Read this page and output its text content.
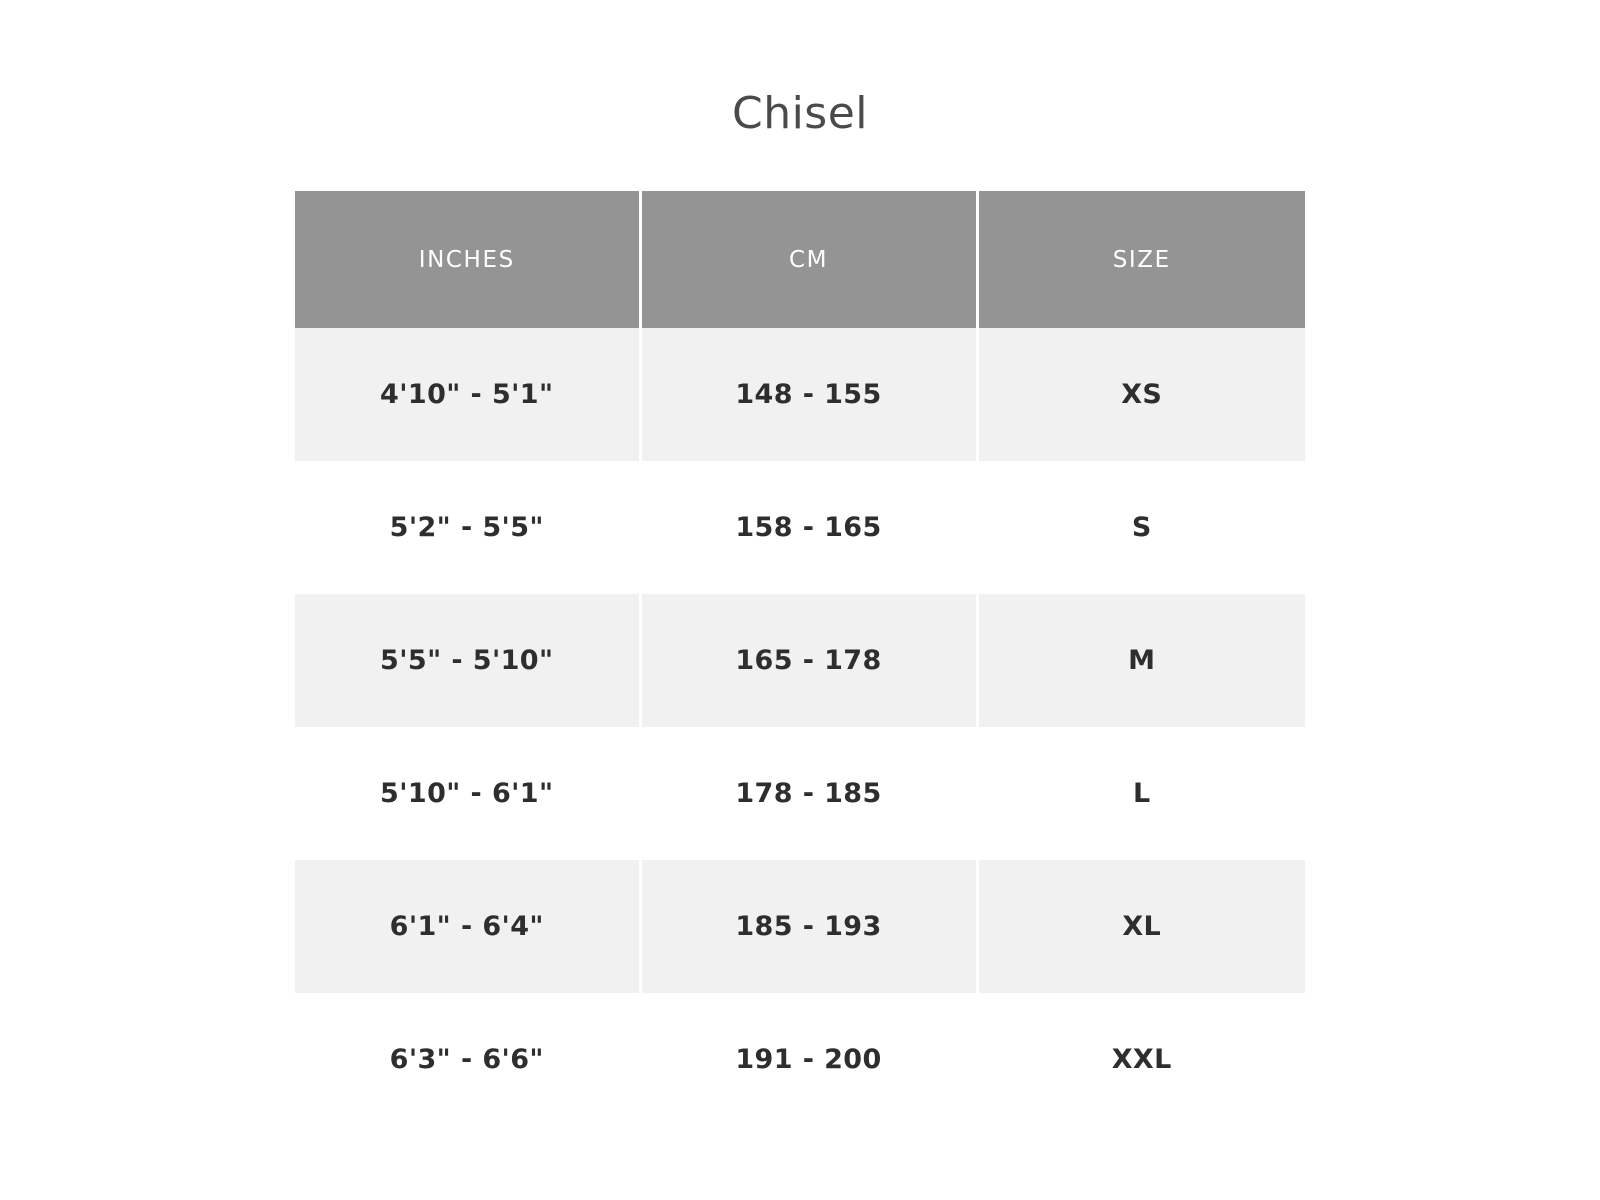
Chisel
INCHES	CM	SIZE
4'10" - 5'1"	148 - 155	XS
5'2" - 5'5"	158 - 165	S
5'5" - 5'10"	165 - 178	M
5'10" - 6'1"	178 - 185	L
6'1" - 6'4"	185 - 193	XL
6'3" - 6'6"	191 - 200	XXL
